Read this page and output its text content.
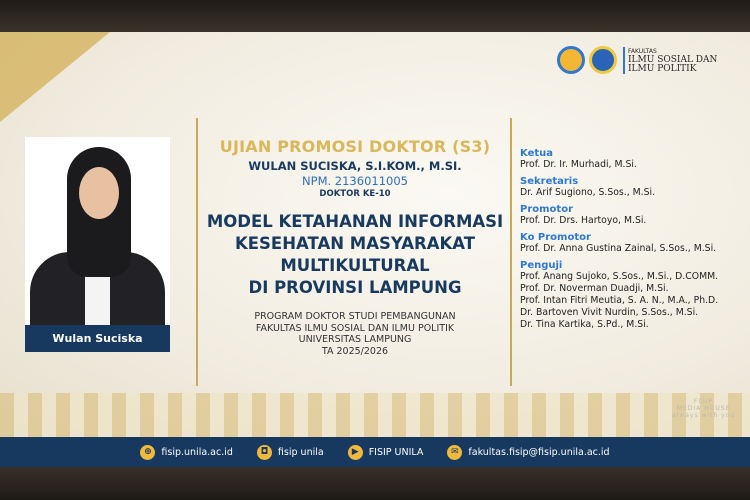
FAKULTAS
ILMU SOSIAL DAN
ILMU POLITIK
Wulan Suciska
UJIAN PROMOSI DOKTOR (S3)
WULAN SUCISKA, S.I.KOM., M.SI.
NPM. 2136011005
DOKTOR KE-10
MODEL KETAHANAN INFORMASI
KESEHATAN MASYARAKAT
MULTIKULTURAL
DI PROVINSI LAMPUNG
PROGRAM DOKTOR STUDI PEMBANGUNAN
FAKULTAS ILMU SOSIAL DAN ILMU POLITIK
UNIVERSITAS LAMPUNG
TA 2025/2026
Ketua
Prof. Dr. Ir. Murhadi, M.Si.
Sekretaris
Dr. Arif Sugiono, S.Sos., M.Si.
Promotor
Prof. Dr. Drs. Hartoyo, M.Si.
Ko Promotor
Prof. Dr. Anna Gustina Zainal, S.Sos., M.Si.
Penguji
Prof. Anang Sujoko, S.Sos., M.Si., D.COMM.
Prof. Dr. Noverman Duadji, M.Si.
Prof. Intan Fitri Meutia, S. A. N., M.A., Ph.D.
Dr. Bartoven Vivit Nurdin, S.Sos., M.Si.
Dr. Tina Kartika, S.Pd., M.Si.
FISIP
MEDIA HOUSE
always with you
⊕	fisip.unila.ac.id	◘	fisip unila	▶	FISIP UNILA	✉	fakultas.fisip@fisip.unila.ac.id
